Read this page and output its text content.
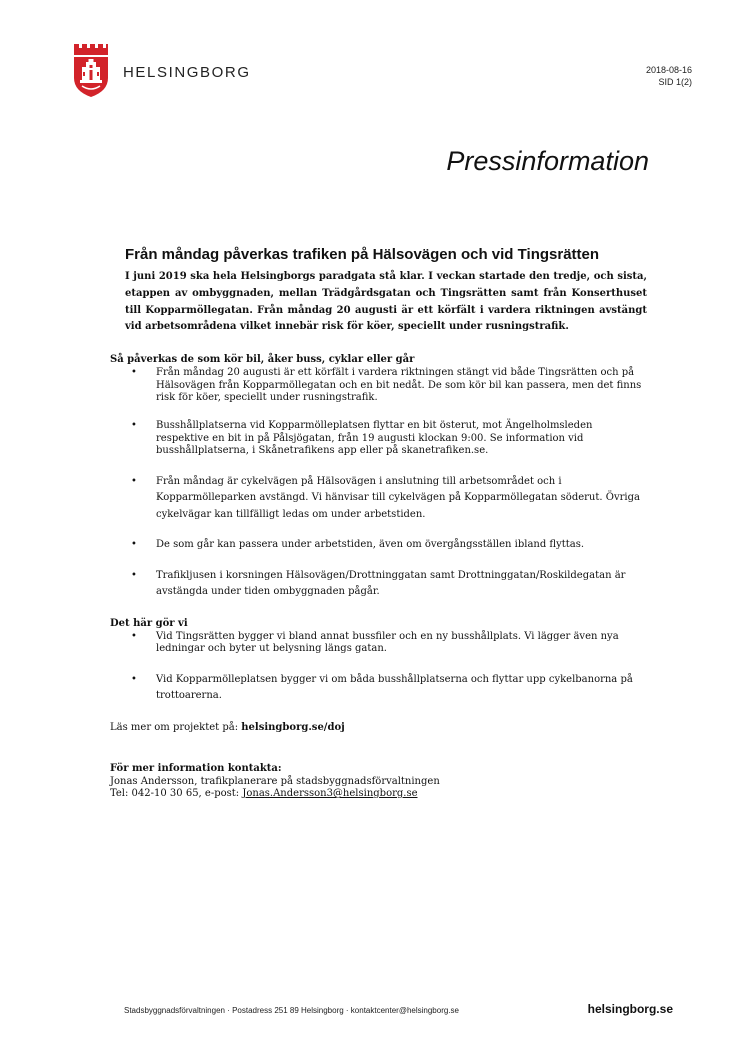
HELSINGBORG	2018-08-16
SID 1(2)
Pressinformation
Från måndag påverkas trafiken på Hälsovägen och vid Tingsrätten

I juni 2019 ska hela Helsingborgs paradgata stå klar. I veckan startade den tredje, och sista, etappen av ombyggnaden, mellan Trädgårdsgatan och Tingsrätten samt från Konserthuset till Kopparmöllegatan. Från måndag 20 augusti är ett körfält i vardera riktningen avstängt vid arbetsområdena vilket innebär risk för köer, speciellt under rusningstrafik.

Så påverkas de som kör bil, åker buss, cyklar eller går
• Från måndag 20 augusti är ett körfält i vardera riktningen stängt vid både Tingsrätten och på Hälsovägen från Kopparmöllegatan och en bit nedåt. De som kör bil kan passera, men det finns risk för köer, speciellt under rusningstrafik.
• Busshållplatserna vid Kopparmölleplatsen flyttar en bit österut, mot Ängelholmsleden respektive en bit in på Pålsjögatan, från 19 augusti klockan 9:00. Se information vid busshållplatserna, i Skånetrafikens app eller på skanetrafiken.se.
• Från måndag är cykelvägen på Hälsovägen i anslutning till arbetsområdet och i Kopparmölleparken avstängd. Vi hänvisar till cykelvägen på Kopparmöllegatan söderut. Övriga cykelvägar kan tillfälligt ledas om under arbetstiden.
• De som går kan passera under arbetstiden, även om övergångsställen ibland flyttas.
• Trafikljusen i korsningen Hälsovägen/Drottninggatan samt Drottninggatan/Roskildegatan är avstängda under tiden ombyggnaden pågår.
Det här gör vi
• Vid Tingsrätten bygger vi bland annat bussfiler och en ny busshållplats. Vi lägger även nya ledningar och byter ut belysning längs gatan.
• Vid Kopparmölleplatsen bygger vi om båda busshållplatserna och flyttar upp cykelbanorna på trottoarerna.

Läs mer om projektet på: helsingborg.se/doj

För mer information kontakta:
Jonas Andersson, trafikplanerare på stadsbyggnadsförvaltningen
Tel: 042-10 30 65, e-post: Jonas.Andersson3@helsingborg.se
Stadsbyggnadsförvaltningen · Postadress 251 89 Helsingborg · kontaktcenter@helsingborg.se	helsingborg.se
